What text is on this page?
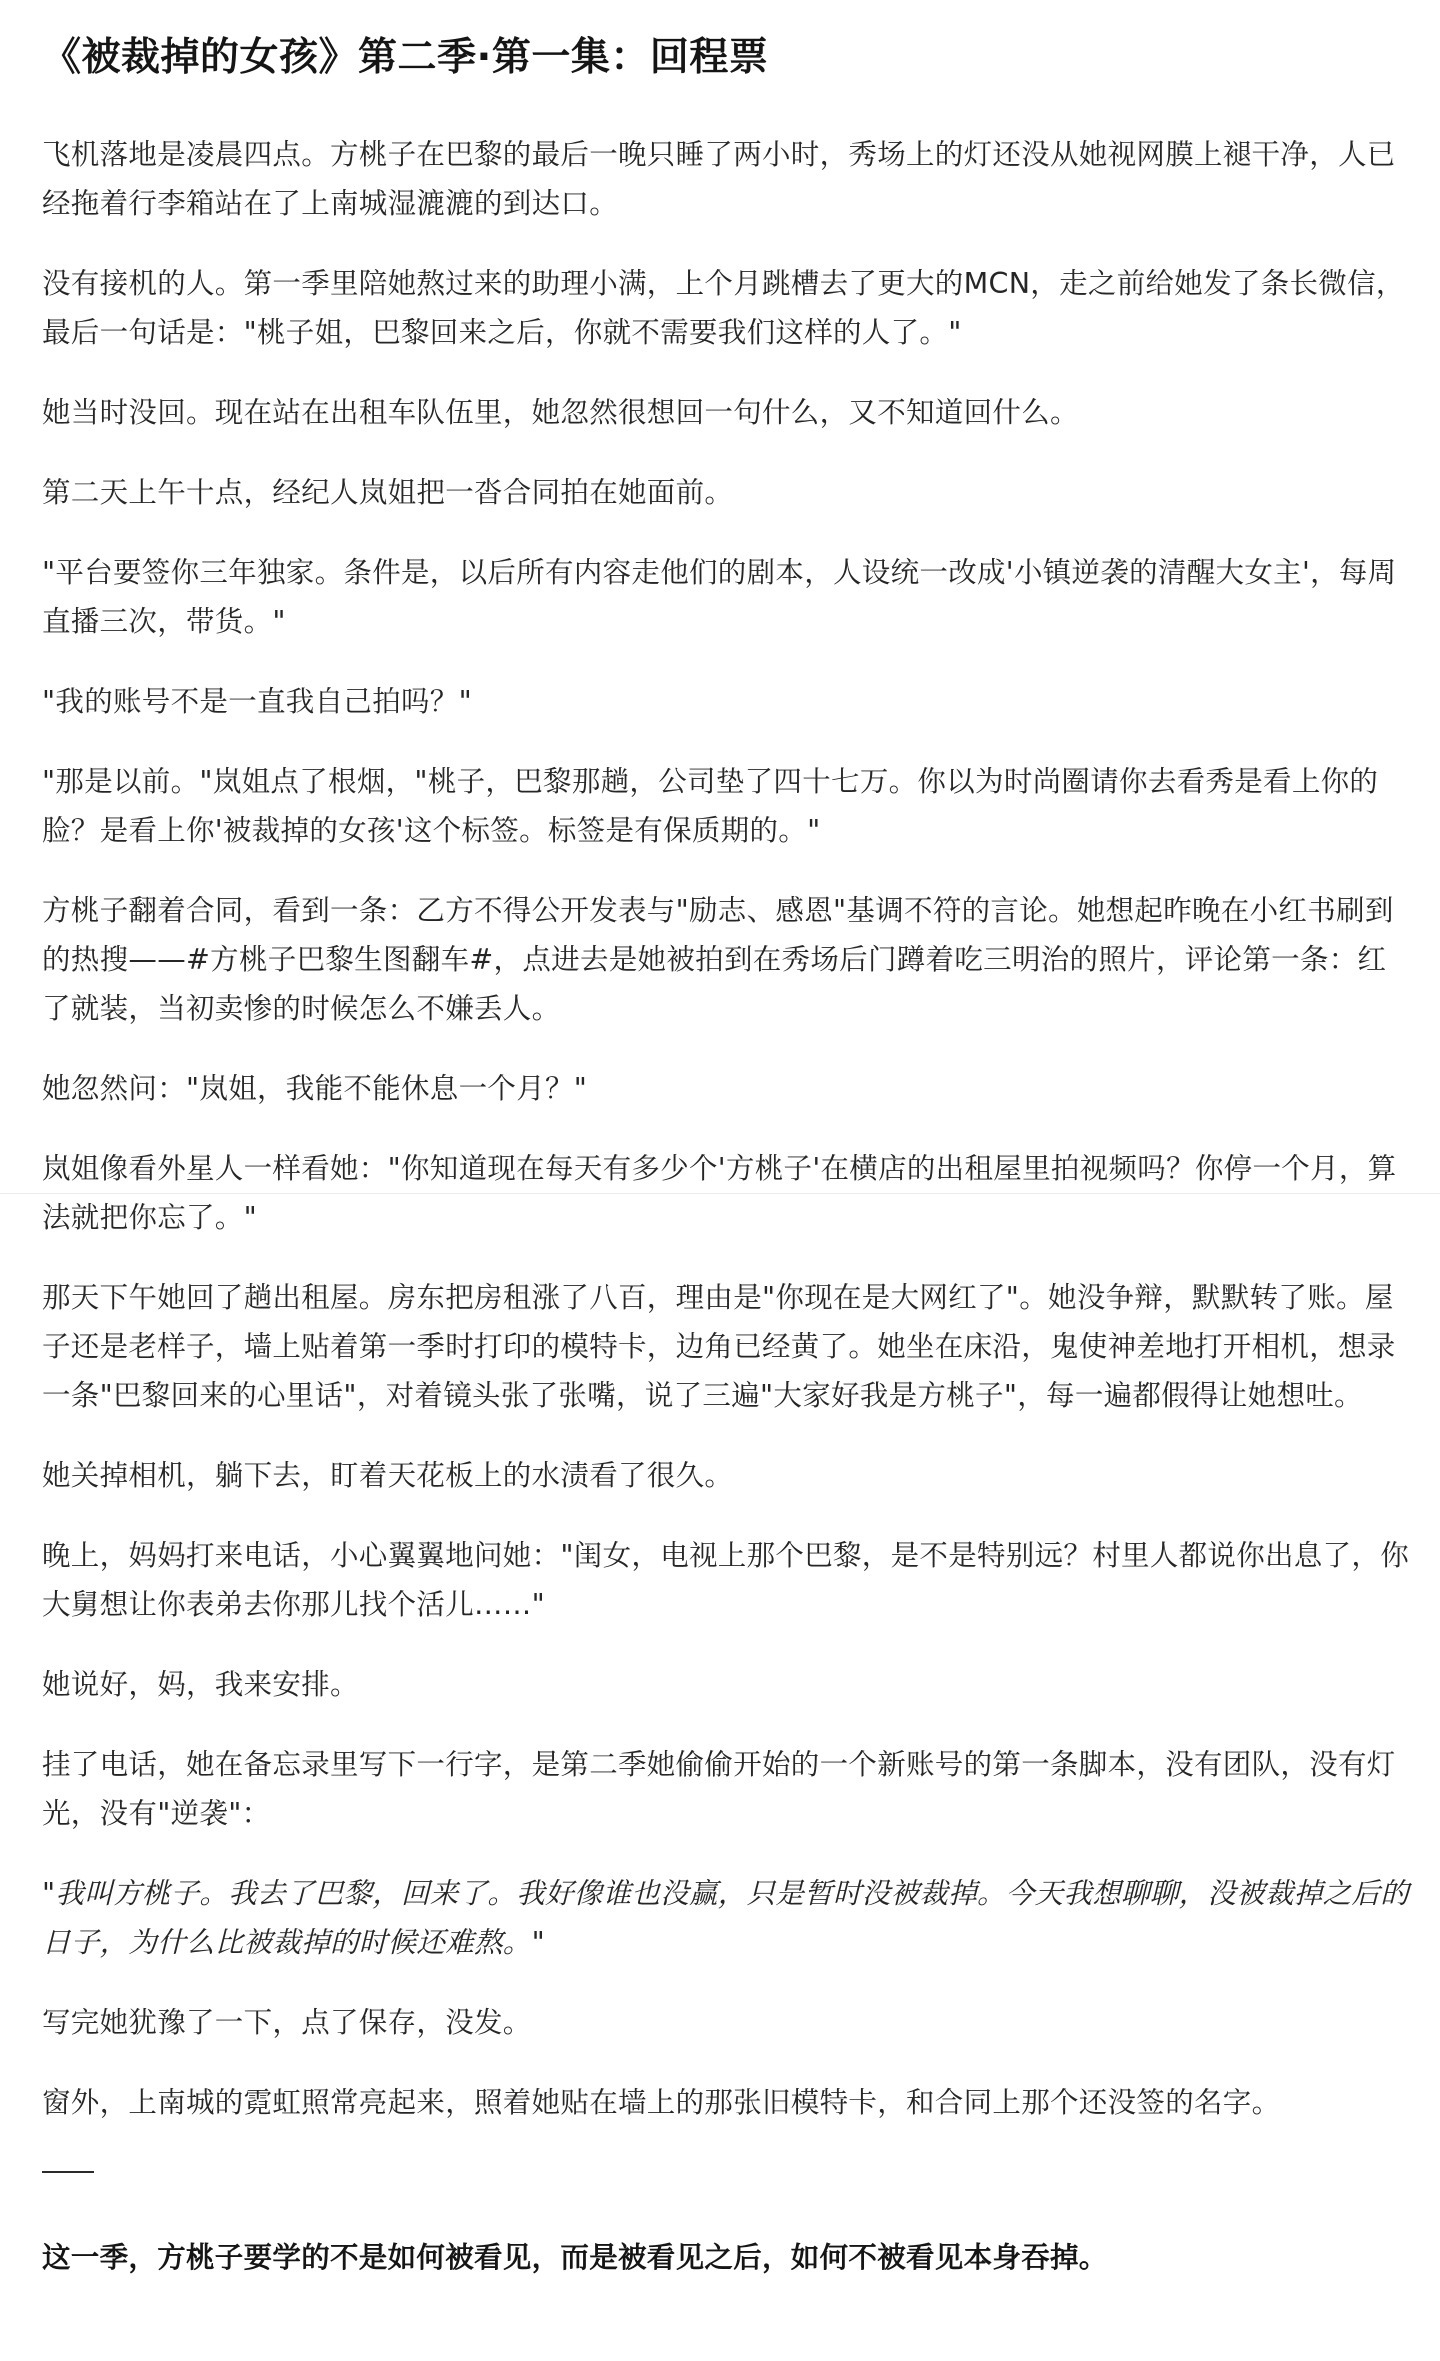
《被裁掉的女孩》第二季·第一集：回程票

飞机落地是凌晨四点。方桃子在巴黎的最后一晚只睡了两小时，秀场上的灯还没从她视网膜上褪干净，人已经拖着行李箱站在了上南城湿漉漉的到达口。

没有接机的人。第一季里陪她熬过来的助理小满，上个月跳槽去了更大的MCN，走之前给她发了条长微信，最后一句话是："桃子姐，巴黎回来之后，你就不需要我们这样的人了。"

她当时没回。现在站在出租车队伍里，她忽然很想回一句什么，又不知道回什么。

第二天上午十点，经纪人岚姐把一沓合同拍在她面前。

"平台要签你三年独家。条件是，以后所有内容走他们的剧本，人设统一改成'小镇逆袭的清醒大女主'，每周直播三次，带货。"

"我的账号不是一直我自己拍吗？"

"那是以前。"岚姐点了根烟，"桃子，巴黎那趟，公司垫了四十七万。你以为时尚圈请你去看秀是看上你的脸？是看上你'被裁掉的女孩'这个标签。标签是有保质期的。"

方桃子翻着合同，看到一条：乙方不得公开发表与"励志、感恩"基调不符的言论。她想起昨晚在小红书刷到的热搜——#方桃子巴黎生图翻车#，点进去是她被拍到在秀场后门蹲着吃三明治的照片，评论第一条：红了就装，当初卖惨的时候怎么不嫌丢人。

她忽然问："岚姐，我能不能休息一个月？"

岚姐像看外星人一样看她："你知道现在每天有多少个'方桃子'在横店的出租屋里拍视频吗？你停一个月，算法就把你忘了。"

那天下午她回了趟出租屋。房东把房租涨了八百，理由是"你现在是大网红了"。她没争辩，默默转了账。屋子还是老样子，墙上贴着第一季时打印的模特卡，边角已经黄了。她坐在床沿，鬼使神差地打开相机，想录一条"巴黎回来的心里话"，对着镜头张了张嘴，说了三遍"大家好我是方桃子"，每一遍都假得让她想吐。

她关掉相机，躺下去，盯着天花板上的水渍看了很久。

晚上，妈妈打来电话，小心翼翼地问她："闺女，电视上那个巴黎，是不是特别远？村里人都说你出息了，你大舅想让你表弟去你那儿找个活儿……"

她说好，妈，我来安排。

挂了电话，她在备忘录里写下一行字，是第二季她偷偷开始的一个新账号的第一条脚本，没有团队，没有灯光，没有"逆袭"：

"我叫方桃子。我去了巴黎，回来了。我好像谁也没赢，只是暂时没被裁掉。今天我想聊聊，没被裁掉之后的日子，为什么比被裁掉的时候还难熬。"

写完她犹豫了一下，点了保存，没发。

窗外，上南城的霓虹照常亮起来，照着她贴在墙上的那张旧模特卡，和合同上那个还没签的名字。

这一季，方桃子要学的不是如何被看见，而是被看见之后，如何不被看见本身吞掉。
